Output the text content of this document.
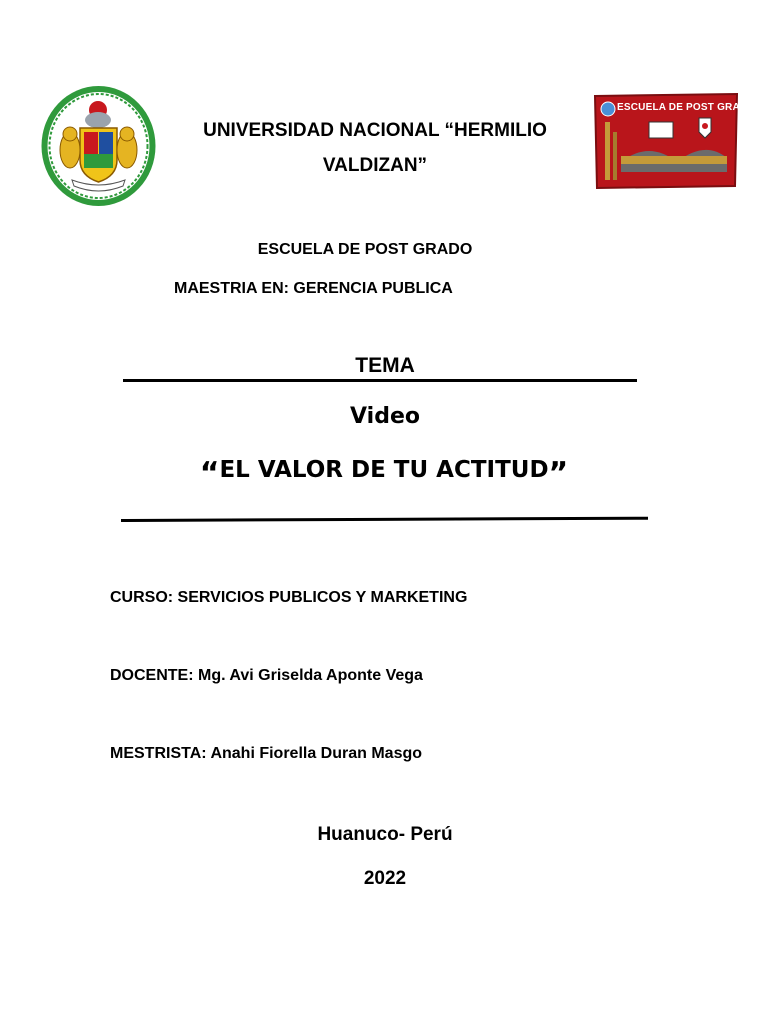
ESCUELA DE POST GRADO
UNIVERSIDAD NACIONAL “HERMILIO
VALDIZAN”
ESCUELA DE POST GRADO
MAESTRIA EN: GERENCIA PUBLICA
TEMA
Video
“EL VALOR DE TU ACTITUD”
CURSO: SERVICIOS PUBLICOS Y MARKETING
DOCENTE: Mg. Avi Griselda Aponte Vega
MESTRISTA: Anahi Fiorella Duran Masgo
Huanuco- Perú
2022
